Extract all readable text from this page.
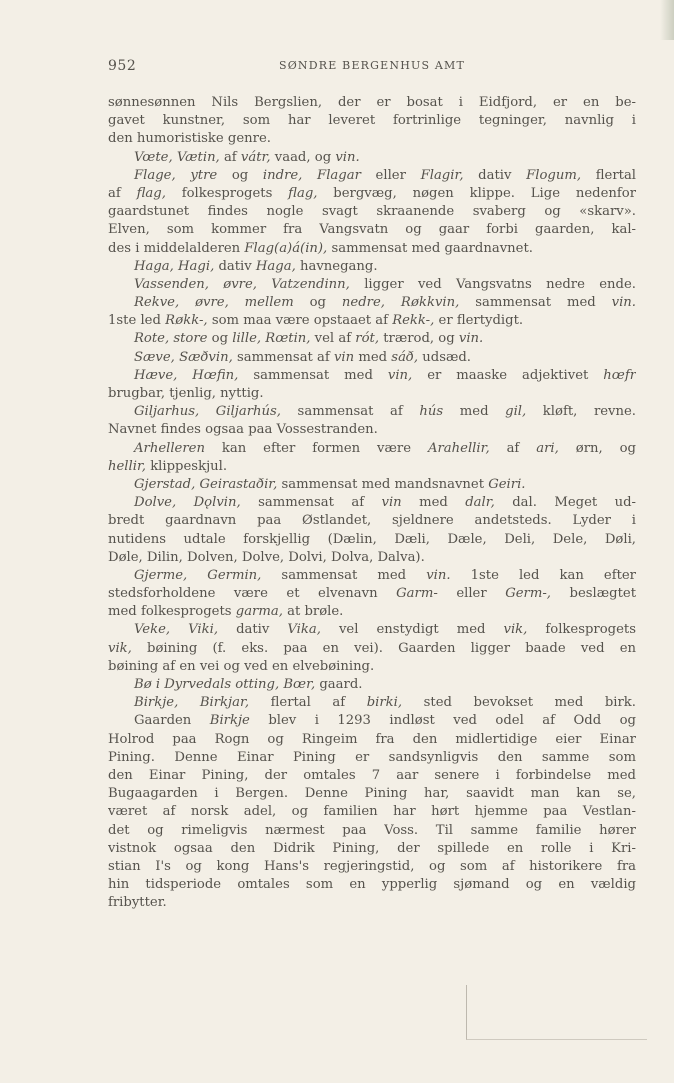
952	SØNDRE BERGENHUS AMT
sønnesønnen Nils Bergslien, der er bosat i Eidfjord, er en be-
gavet kunstner, som har leveret fortrinlige tegninger, navnlig i
den humoristiske genre.
Vœte, Vætin, af vátr, vaad, og vin.
Flage, ytre og indre, Flagar eller Flagir, dativ Flogum, flertal
af flag, folkesprogets flag, bergvæg, nøgen klippe. Lige nedenfor
gaardstunet findes nogle svagt skraanende svaberg og «skarv».
Elven, som kommer fra Vangsvatn og gaar forbi gaarden, kal-
des i middelalderen Flag(a)á(in), sammensat med gaardnavnet.
Haga, Hagi, dativ Haga, havnegang.
Vassenden, øvre, Vatzendinn, ligger ved Vangsvatns nedre ende.
Rekve, øvre, mellem og nedre, Røkkvin, sammensat med vin.
1ste led Røkk-, som maa være opstaaet af Rekk-, er flertydigt.
Rote, store og lille, Rœtin, vel af rót, trærod, og vin.
Sæve, Sæðvin, sammensat af vin med sáð, udsæd.
Hæve, Hœfin, sammensat med vin, er maaske adjektivet hœfr
brugbar, tjenlig, nyttig.
Giljarhus, Giljarhús, sammensat af hús med gil, kløft, revne.
Navnet findes ogsaa paa Vossestranden.
Arhelleren kan efter formen være Arahellir, af ari, ørn, og
hellir, klippeskjul.
Gjerstad, Geirastaðir, sammensat med mandsnavnet Geiri.
Dolve, Dǫlvin, sammensat af vin med dalr, dal. Meget ud-
bredt gaardnavn paa Østlandet, sjeldnere andetsteds. Lyder i
nutidens udtale forskjellig (Dælin, Dæli, Dæle, Deli, Dele, Døli,
Døle, Dilin, Dolven, Dolve, Dolvi, Dolva, Dalva).
Gjerme, Germin, sammensat med vin. 1ste led kan efter
stedsforholdene være et elvenavn Garm- eller Germ-, beslægtet
med folkesprogets garma, at brøle.
Veke, Viki, dativ Vika, vel enstydigt med vik, folkesprogets
vik, bøining (f. eks. paa en vei). Gaarden ligger baade ved en
bøining af en vei og ved en elvebøining.
Bø i Dyrvedals otting, Bœr, gaard.
Birkje, Birkjar, flertal af birki, sted bevokset med birk.
Gaarden Birkje blev i 1293 indløst ved odel af Odd og
Holrod paa Rogn og Ringeim fra den midlertidige eier Einar
Pining. Denne Einar Pining er sandsynligvis den samme som
den Einar Pining, der omtales 7 aar senere i forbindelse med
Bugaagarden i Bergen. Denne Pining har, saavidt man kan se,
været af norsk adel, og familien har hørt hjemme paa Vestlan-
det og rimeligvis nærmest paa Voss. Til samme familie hører
vistnok ogsaa den Didrik Pining, der spillede en rolle i Kri-
stian I's og kong Hans's regjeringstid, og som af historikere fra
hin tidsperiode omtales som en ypperlig sjømand og en vældig
fribytter.
